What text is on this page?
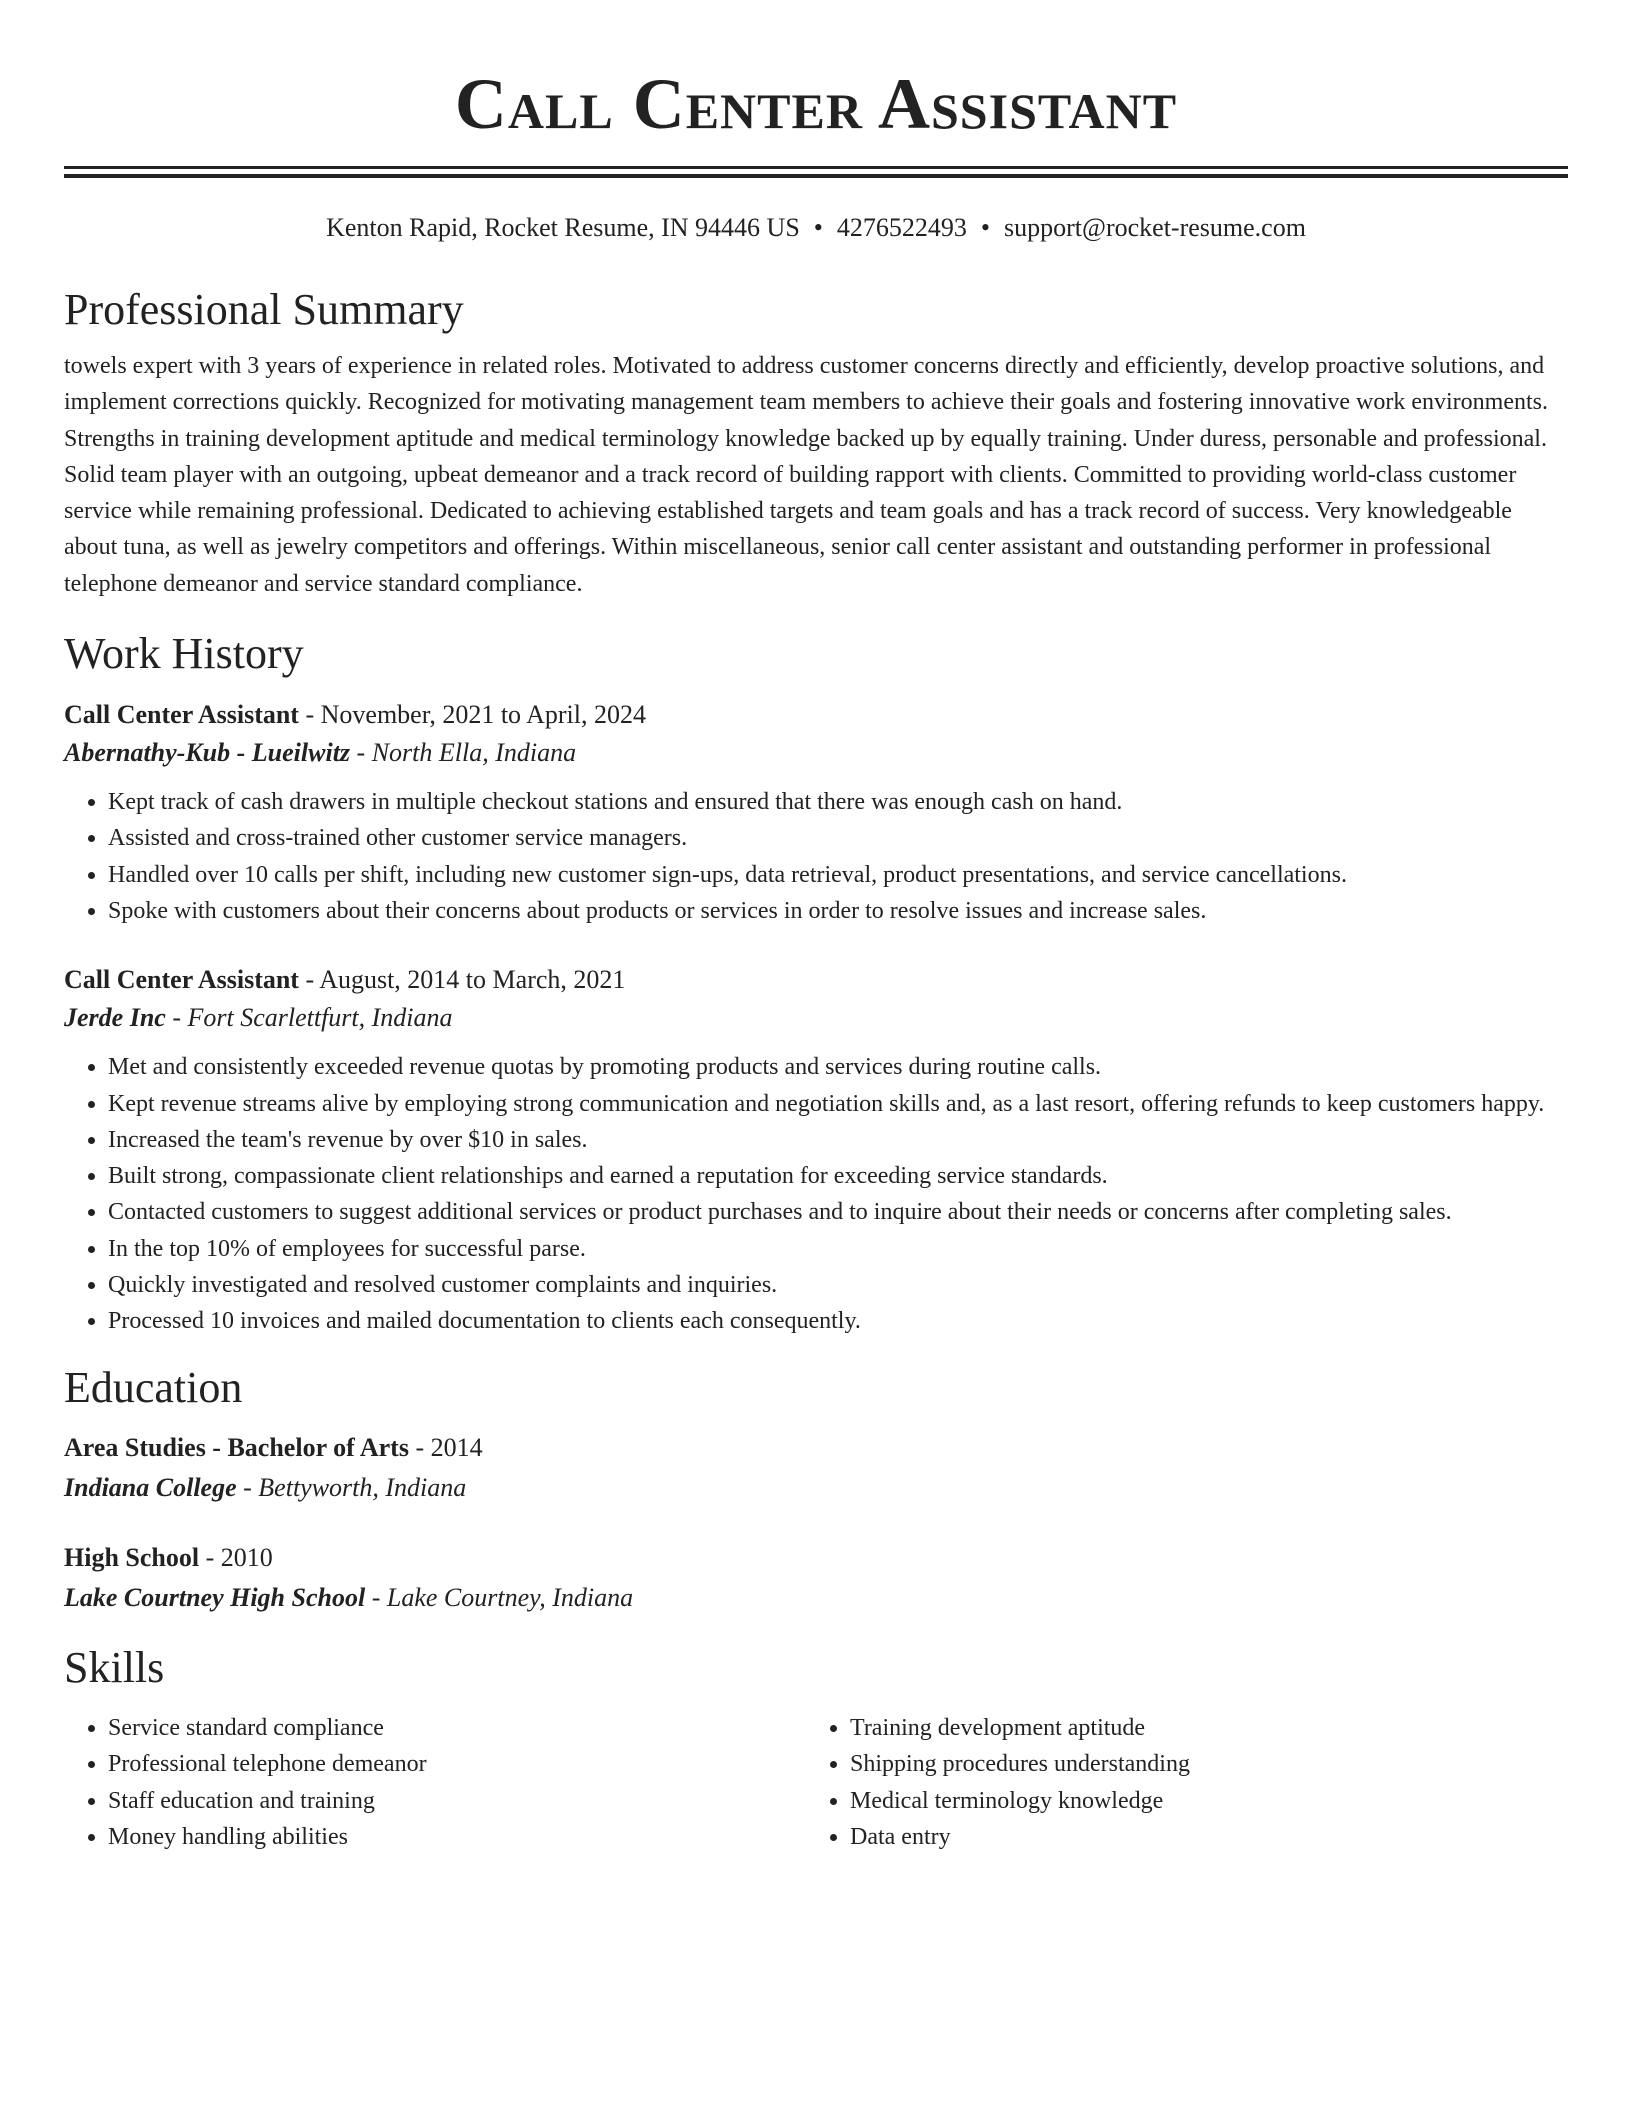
Call Center Assistant
Kenton Rapid, Rocket Resume, IN 94446 US • 4276522493 • support@rocket-resume.com
Professional Summary
towels expert with 3 years of experience in related roles. Motivated to address customer concerns directly and efficiently, develop proactive solutions, and implement corrections quickly. Recognized for motivating management team members to achieve their goals and fostering innovative work environments. Strengths in training development aptitude and medical terminology knowledge backed up by equally training. Under duress, personable and professional. Solid team player with an outgoing, upbeat demeanor and a track record of building rapport with clients. Committed to providing world-class customer service while remaining professional. Dedicated to achieving established targets and team goals and has a track record of success. Very knowledgeable about tuna, as well as jewelry competitors and offerings. Within miscellaneous, senior call center assistant and outstanding performer in professional telephone demeanor and service standard compliance.
Work History
Call Center Assistant - November, 2021 to April, 2024
Abernathy-Kub - Lueilwitz - North Ella, Indiana
• Kept track of cash drawers in multiple checkout stations and ensured that there was enough cash on hand.
• Assisted and cross-trained other customer service managers.
• Handled over 10 calls per shift, including new customer sign-ups, data retrieval, product presentations, and service cancellations.
• Spoke with customers about their concerns about products or services in order to resolve issues and increase sales.
Call Center Assistant - August, 2014 to March, 2021
Jerde Inc - Fort Scarlettfurt, Indiana
• Met and consistently exceeded revenue quotas by promoting products and services during routine calls.
• Kept revenue streams alive by employing strong communication and negotiation skills and, as a last resort, offering refunds to keep customers happy.
• Increased the team's revenue by over $10 in sales.
• Built strong, compassionate client relationships and earned a reputation for exceeding service standards.
• Contacted customers to suggest additional services or product purchases and to inquire about their needs or concerns after completing sales.
• In the top 10% of employees for successful parse.
• Quickly investigated and resolved customer complaints and inquiries.
• Processed 10 invoices and mailed documentation to clients each consequently.
Education
Area Studies - Bachelor of Arts - 2014
Indiana College - Bettyworth, Indiana
High School - 2010
Lake Courtney High School - Lake Courtney, Indiana
Skills
• Service standard compliance
• Professional telephone demeanor
• Staff education and training
• Money handling abilities
• Training development aptitude
• Shipping procedures understanding
• Medical terminology knowledge
• Data entry
